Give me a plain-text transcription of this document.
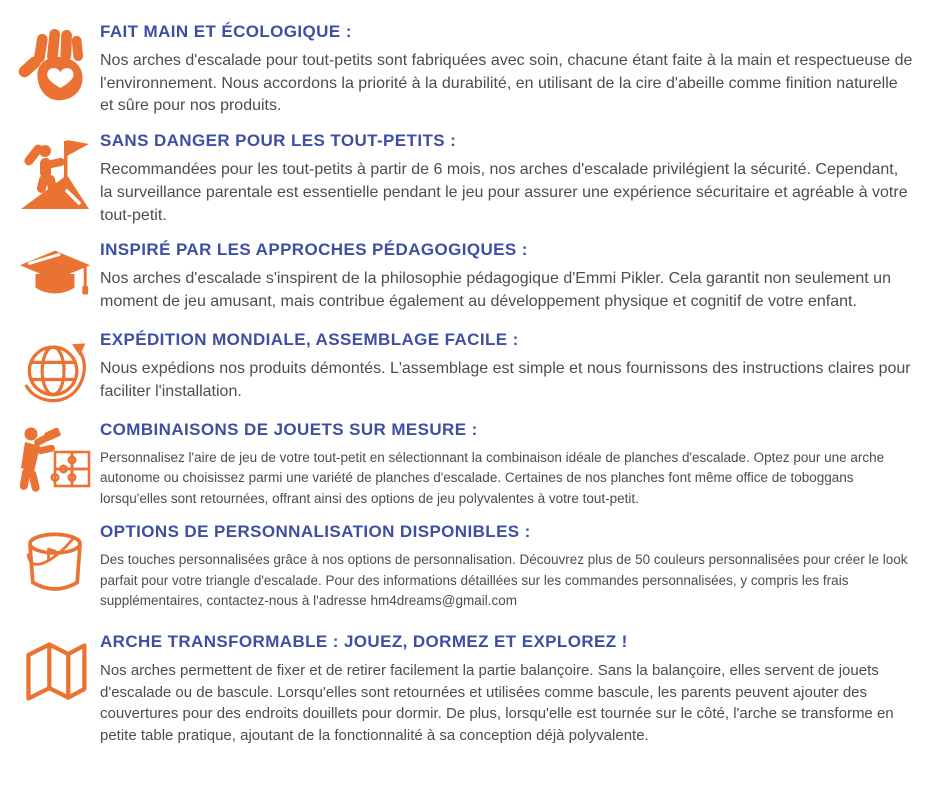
FAIT MAIN ET ÉCOLOGIQUE :

Nos arches d'escalade pour tout-petits sont fabriquées avec soin, chacune étant faite à la main et respectueuse de l'environnement. Nous accordons la priorité à la durabilité, en utilisant de la cire d'abeille comme finition naturelle et sûre pour nos produits.

SANS DANGER POUR LES TOUT-PETITS :

Recommandées pour les tout-petits à partir de 6 mois, nos arches d'escalade privilégient la sécurité. Cependant, la surveillance parentale est essentielle pendant le jeu pour assurer une expérience sécuritaire et agréable à votre tout-petit.

INSPIRÉ PAR LES APPROCHES PÉDAGOGIQUES :

Nos arches d'escalade s'inspirent de la philosophie pédagogique d'Emmi Pikler. Cela garantit non seulement un moment de jeu amusant, mais contribue également au développement physique et cognitif de votre enfant.

EXPÉDITION MONDIALE, ASSEMBLAGE FACILE :

Nous expédions nos produits démontés. L'assemblage est simple et nous fournissons des instructions claires pour faciliter l'installation.

COMBINAISONS DE JOUETS SUR MESURE :

Personnalisez l'aire de jeu de votre tout-petit en sélectionnant la combinaison idéale de planches d'escalade. Optez pour une arche autonome ou choisissez parmi une variété de planches d'escalade. Certaines de nos planches font même office de toboggans lorsqu'elles sont retournées, offrant ainsi des options de jeu polyvalentes à votre tout-petit.

OPTIONS DE PERSONNALISATION DISPONIBLES :

Des touches personnalisées grâce à nos options de personnalisation. Découvrez plus de 50 couleurs personnalisées pour créer le look parfait pour votre triangle d'escalade. Pour des informations détaillées sur les commandes personnalisées, y compris les frais supplémentaires, contactez-nous à l'adresse hm4dreams@gmail.com

ARCHE TRANSFORMABLE : JOUEZ, DORMEZ ET EXPLOREZ !

Nos arches permettent de fixer et de retirer facilement la partie balançoire. Sans la balançoire, elles servent de jouets d'escalade ou de bascule. Lorsqu'elles sont retournées et utilisées comme bascule, les parents peuvent ajouter des couvertures pour des endroits douillets pour dormir. De plus, lorsqu'elle est tournée sur le côté, l'arche se transforme en petite table pratique, ajoutant de la fonctionnalité à sa conception déjà polyvalente.
